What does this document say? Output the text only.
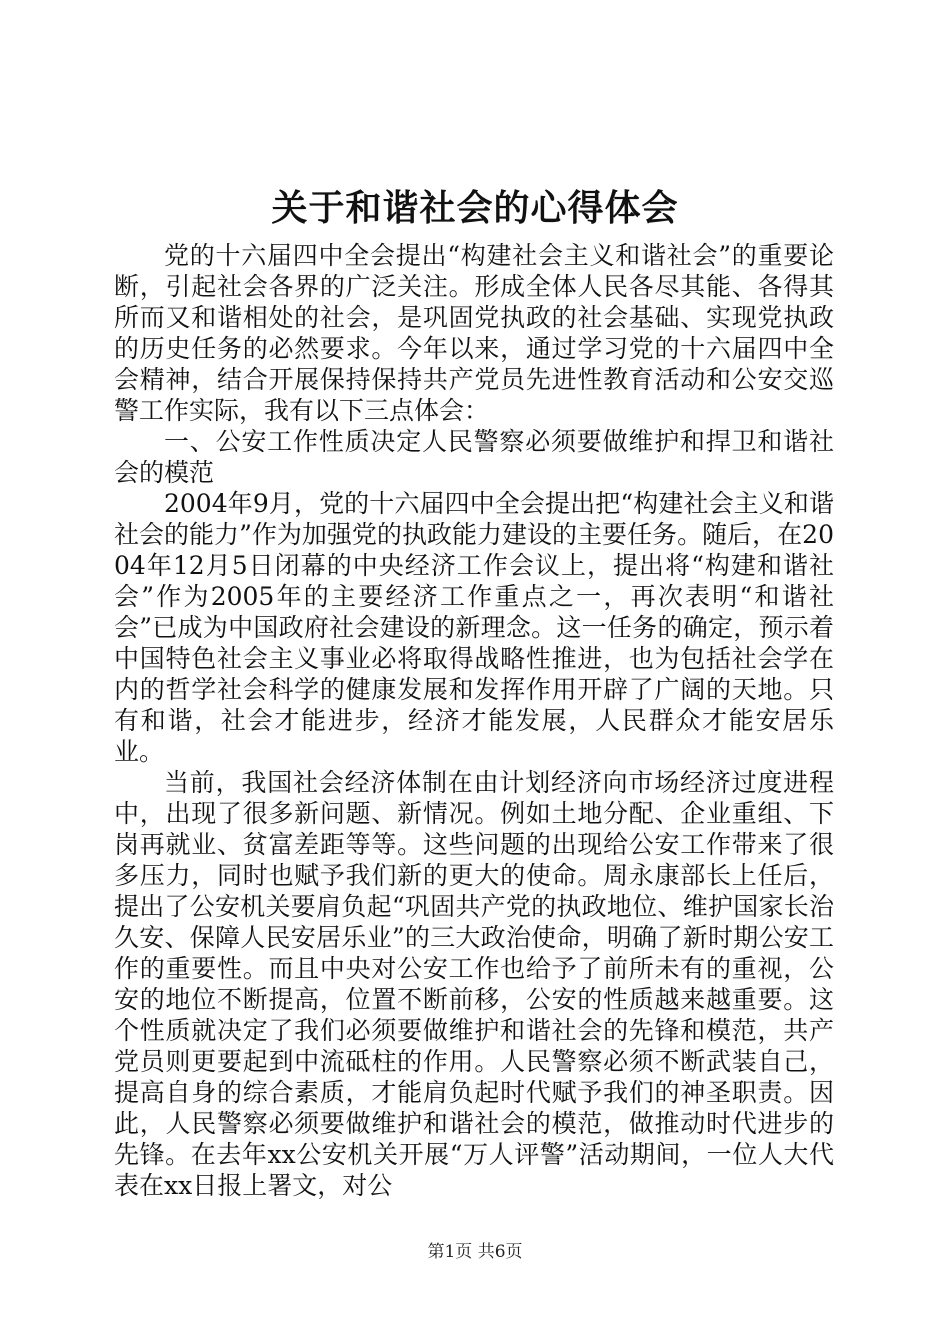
关于和谐社会的心得体会

党的十六届四中全会提出“构建社会主义和谐社会”的重要论断，引起社会各界的广泛关注。形成全体人民各尽其能、各得其所而又和谐相处的社会，是巩固党执政的社会基础、实现党执政的历史任务的必然要求。今年以来，通过学习党的十六届四中全会精神，结合开展保持保持共产党员先进性教育活动和公安交巡警工作实际，我有以下三点体会：

一、公安工作性质决定人民警察必须要做维护和捍卫和谐社会的模范

2004年9月，党的十六届四中全会提出把“构建社会主义和谐社会的能力”作为加强党的执政能力建设的主要任务。随后，在2004年12月5日闭幕的中央经济工作会议上，提出将“构建和谐社会”作为2005年的主要经济工作重点之一，再次表明“和谐社会”已成为中国政府社会建设的新理念。这一任务的确定，预示着中国特色社会主义事业必将取得战略性推进，也为包括社会学在内的哲学社会科学的健康发展和发挥作用开辟了广阔的天地。只有和谐，社会才能进步，经济才能发展，人民群众才能安居乐业。

当前，我国社会经济体制在由计划经济向市场经济过度进程中，出现了很多新问题、新情况。例如土地分配、企业重组、下岗再就业、贫富差距等等。这些问题的出现给公安工作带来了很多压力，同时也赋予我们新的更大的使命。周永康部长上任后，提出了公安机关要肩负起“巩固共产党的执政地位、维护国家长治久安、保障人民安居乐业”的三大政治使命，明确了新时期公安工作的重要性。而且中央对公安工作也给予了前所未有的重视，公安的地位不断提高，位置不断前移，公安的性质越来越重要。这个性质就决定了我们必须要做维护和谐社会的先锋和模范，共产党员则更要起到中流砥柱的作用。人民警察必须不断武装自己，提高自身的综合素质，才能肩负起时代赋予我们的神圣职责。因此，人民警察必须要做维护和谐社会的模范，做推动时代进步的先锋。在去年xx公安机关开展“万人评警”活动期间，一位人大代表在xx日报上署文，对公

第1页 共6页
